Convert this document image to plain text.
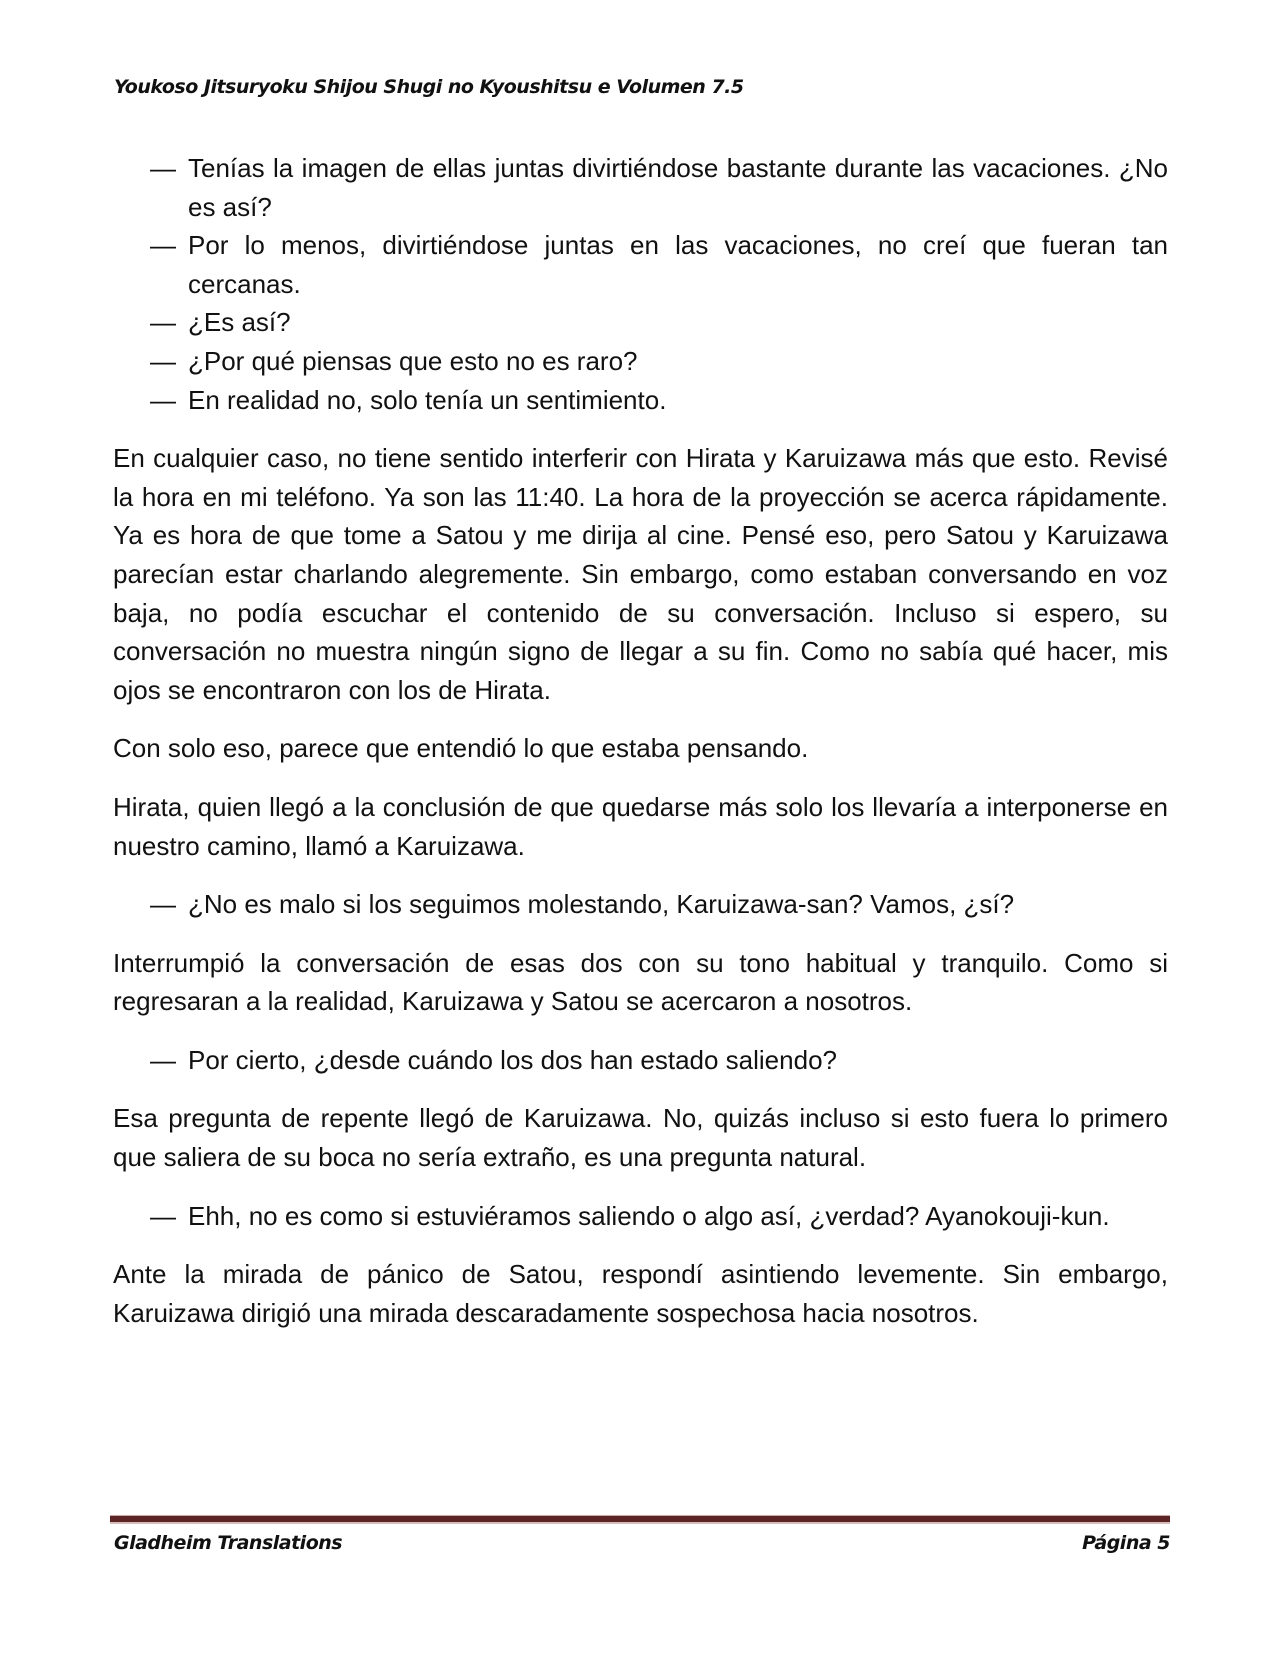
Youkoso Jitsuryoku Shijou Shugi no Kyoushitsu e Volumen 7.5
— Tenías la imagen de ellas juntas divirtiéndose bastante durante las vacaciones. ¿No es así?
— Por lo menos, divirtiéndose juntas en las vacaciones, no creí que fueran tan cercanas.
— ¿Es así?
— ¿Por qué piensas que esto no es raro?
— En realidad no, solo tenía un sentimiento.

En cualquier caso, no tiene sentido interferir con Hirata y Karuizawa más que esto. Revisé la hora en mi teléfono. Ya son las 11:40. La hora de la proyección se acerca rápidamente. Ya es hora de que tome a Satou y me dirija al cine. Pensé eso, pero Satou y Karuizawa parecían estar charlando alegremente. Sin embargo, como estaban conversando en voz baja, no podía escuchar el contenido de su conversación. Incluso si espero, su conversación no muestra ningún signo de llegar a su fin. Como no sabía qué hacer, mis ojos se encontraron con los de Hirata.

Con solo eso, parece que entendió lo que estaba pensando.

Hirata, quien llegó a la conclusión de que quedarse más solo los llevaría a interponerse en nuestro camino, llamó a Karuizawa.

— ¿No es malo si los seguimos molestando, Karuizawa-san? Vamos, ¿sí?

Interrumpió la conversación de esas dos con su tono habitual y tranquilo. Como si regresaran a la realidad, Karuizawa y Satou se acercaron a nosotros.

— Por cierto, ¿desde cuándo los dos han estado saliendo?

Esa pregunta de repente llegó de Karuizawa. No, quizás incluso si esto fuera lo primero que saliera de su boca no sería extraño, es una pregunta natural.

— Ehh, no es como si estuviéramos saliendo o algo así, ¿verdad? Ayanokouji-kun.

Ante la mirada de pánico de Satou, respondí asintiendo levemente. Sin embargo, Karuizawa dirigió una mirada descaradamente sospechosa hacia nosotros.

Gladheim Translations	Página 5
